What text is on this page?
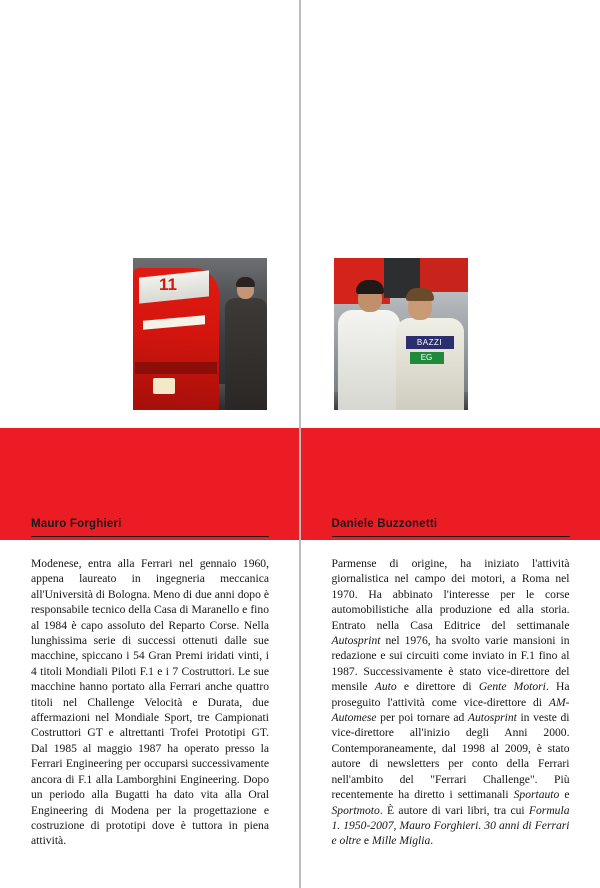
11
Mauro Forghieri
Modenese, entra alla Ferrari nel gennaio 1960, appena laureato in ingegneria meccanica all'Università di Bologna. Meno di due anni dopo è responsabile tecnico della Casa di Maranello e fino al 1984 è capo assoluto del Reparto Corse. Nella lunghissima serie di successi ottenuti dalle sue macchine, spiccano i 54 Gran Premi iridati vinti, i 4 titoli Mondiali Piloti F.1 e i 7 Costruttori. Le sue macchine hanno portato alla Ferrari anche quattro titoli nel Challenge Velocità e Durata, due affermazioni nel Mondiale Sport, tre Campionati Costruttori GT e altrettanti Trofei Prototipi GT. Dal 1985 al maggio 1987 ha operato presso la Ferrari Engineering per occuparsi successivamente ancora di F.1 alla Lamborghini Engineering. Dopo un periodo alla Bugatti ha dato vita alla Oral Engineering di Modena per la progettazione e costruzione di prototipi dove è tuttora in piena attività.
BAZZI
EG
Daniele Buzzonetti
Parmense di origine, ha iniziato l'attività giornalistica nel campo dei motori, a Roma nel 1970. Ha abbinato l'interesse per le corse automobilistiche alla produzione ed alla storia. Entrato nella Casa Editrice del settimanale Autosprint nel 1976, ha svolto varie mansioni in redazione e sui circuiti come inviato in F.1 fino al 1987. Successivamente è stato vice-direttore del mensile Auto e direttore di Gente Motori. Ha proseguito l'attività come vice-direttore di AM-Automese per poi tornare ad Autosprint in veste di vice-direttore all'inizio degli Anni 2000. Contemporaneamente, dal 1998 al 2009, è stato autore di newsletters per conto della Ferrari nell'ambito del "Ferrari Challenge". Più recentemente ha diretto i settimanali Sportauto e Sportmoto. È autore di vari libri, tra cui Formula 1. 1950-2007, Mauro Forghieri. 30 anni di Ferrari e oltre e Mille Miglia.
